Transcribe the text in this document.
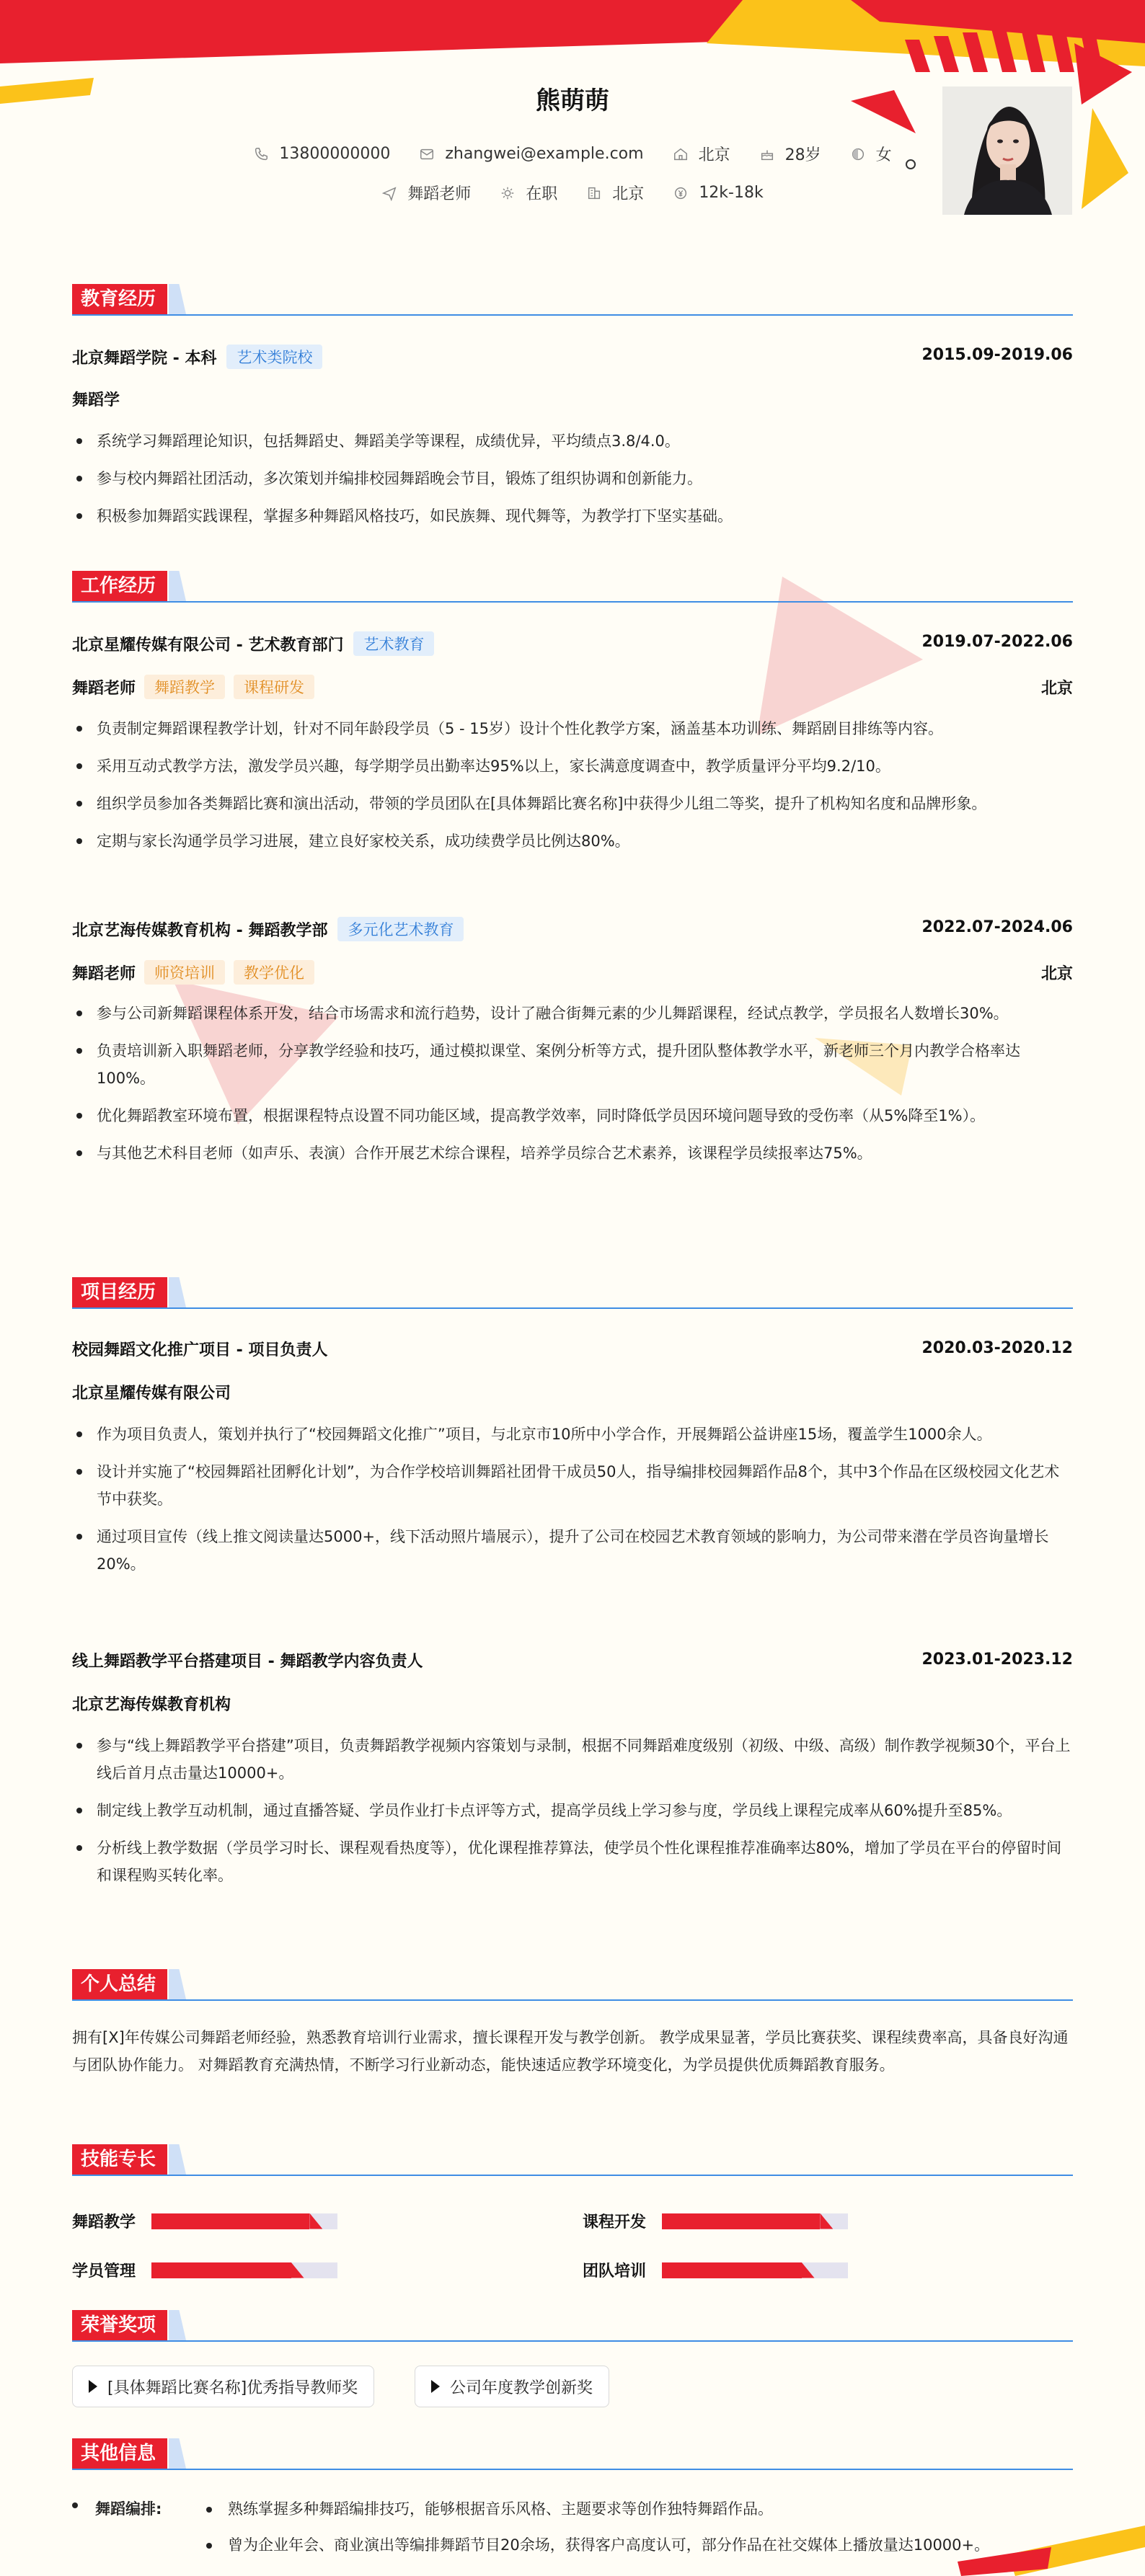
熊萌萌
13800000000	zhangwei@example.com	北京	28岁	女
舞蹈老师	在职	北京	12k-18k
教育经历
北京舞蹈学院 - 本科	艺术类院校	2015.09-2019.06
舞蹈学
系统学习舞蹈理论知识，包括舞蹈史、舞蹈美学等课程，成绩优异，平均绩点3.8/4.0。
参与校内舞蹈社团活动，多次策划并编排校园舞蹈晚会节目，锻炼了组织协调和创新能力。
积极参加舞蹈实践课程，掌握多种舞蹈风格技巧，如民族舞、现代舞等，为教学打下坚实基础。
工作经历
北京星耀传媒有限公司 - 艺术教育部门	艺术教育	2019.07-2022.06
舞蹈老师	舞蹈教学	课程研发	北京
负责制定舞蹈课程教学计划，针对不同年龄段学员（5 - 15岁）设计个性化教学方案，涵盖基本功训练、舞蹈剧目排练等内容。
采用互动式教学方法，激发学员兴趣，每学期学员出勤率达95%以上，家长满意度调查中，教学质量评分平均9.2/10。
组织学员参加各类舞蹈比赛和演出活动，带领的学员团队在[具体舞蹈比赛名称]中获得少儿组二等奖，提升了机构知名度和品牌形象。
定期与家长沟通学员学习进展，建立良好家校关系，成功续费学员比例达80%。
北京艺海传媒教育机构 - 舞蹈教学部	多元化艺术教育	2022.07-2024.06
舞蹈老师	师资培训	教学优化	北京
参与公司新舞蹈课程体系开发，结合市场需求和流行趋势，设计了融合街舞元素的少儿舞蹈课程，经试点教学，学员报名人数增长30%。
负责培训新入职舞蹈老师，分享教学经验和技巧，通过模拟课堂、案例分析等方式，提升团队整体教学水平，新老师三个月内教学合格率达100%。
优化舞蹈教室环境布置，根据课程特点设置不同功能区域，提高教学效率，同时降低学员因环境问题导致的受伤率（从5%降至1%）。
与其他艺术科目老师（如声乐、表演）合作开展艺术综合课程，培养学员综合艺术素养，该课程学员续报率达75%。
项目经历
校园舞蹈文化推广项目 - 项目负责人	2020.03-2020.12
北京星耀传媒有限公司
作为项目负责人，策划并执行了“校园舞蹈文化推广”项目，与北京市10所中小学合作，开展舞蹈公益讲座15场，覆盖学生1000余人。
设计并实施了“校园舞蹈社团孵化计划”，为合作学校培训舞蹈社团骨干成员50人，指导编排校园舞蹈作品8个，其中3个作品在区级校园文化艺术节中获奖。
通过项目宣传（线上推文阅读量达5000+，线下活动照片墙展示），提升了公司在校园艺术教育领域的影响力，为公司带来潜在学员咨询量增长20%。
线上舞蹈教学平台搭建项目 - 舞蹈教学内容负责人	2023.01-2023.12
北京艺海传媒教育机构
参与“线上舞蹈教学平台搭建”项目，负责舞蹈教学视频内容策划与录制，根据不同舞蹈难度级别（初级、中级、高级）制作教学视频30个，平台上线后首月点击量达10000+。
制定线上教学互动机制，通过直播答疑、学员作业打卡点评等方式，提高学员线上学习参与度，学员线上课程完成率从60%提升至85%。
分析线上教学数据（学员学习时长、课程观看热度等），优化课程推荐算法，使学员个性化课程推荐准确率达80%，增加了学员在平台的停留时间和课程购买转化率。
个人总结
拥有[X]年传媒公司舞蹈老师经验，熟悉教育培训行业需求，擅长课程开发与教学创新。 教学成果显著，学员比赛获奖、课程续费率高，具备良好沟通与团队协作能力。 对舞蹈教育充满热情，不断学习行业新动态，能快速适应教学环境变化，为学员提供优质舞蹈教育服务。
技能专长
舞蹈教学	课程开发
学员管理	团队培训
荣誉奖项
[具体舞蹈比赛名称]优秀指导教师奖	公司年度教学创新奖
其他信息
舞蹈编排:	熟练掌握多种舞蹈编排技巧，能够根据音乐风格、主题要求等创作独特舞蹈作品。
曾为企业年会、商业演出等编排舞蹈节目20余场，获得客户高度认可，部分作品在社交媒体上播放量达10000+。
